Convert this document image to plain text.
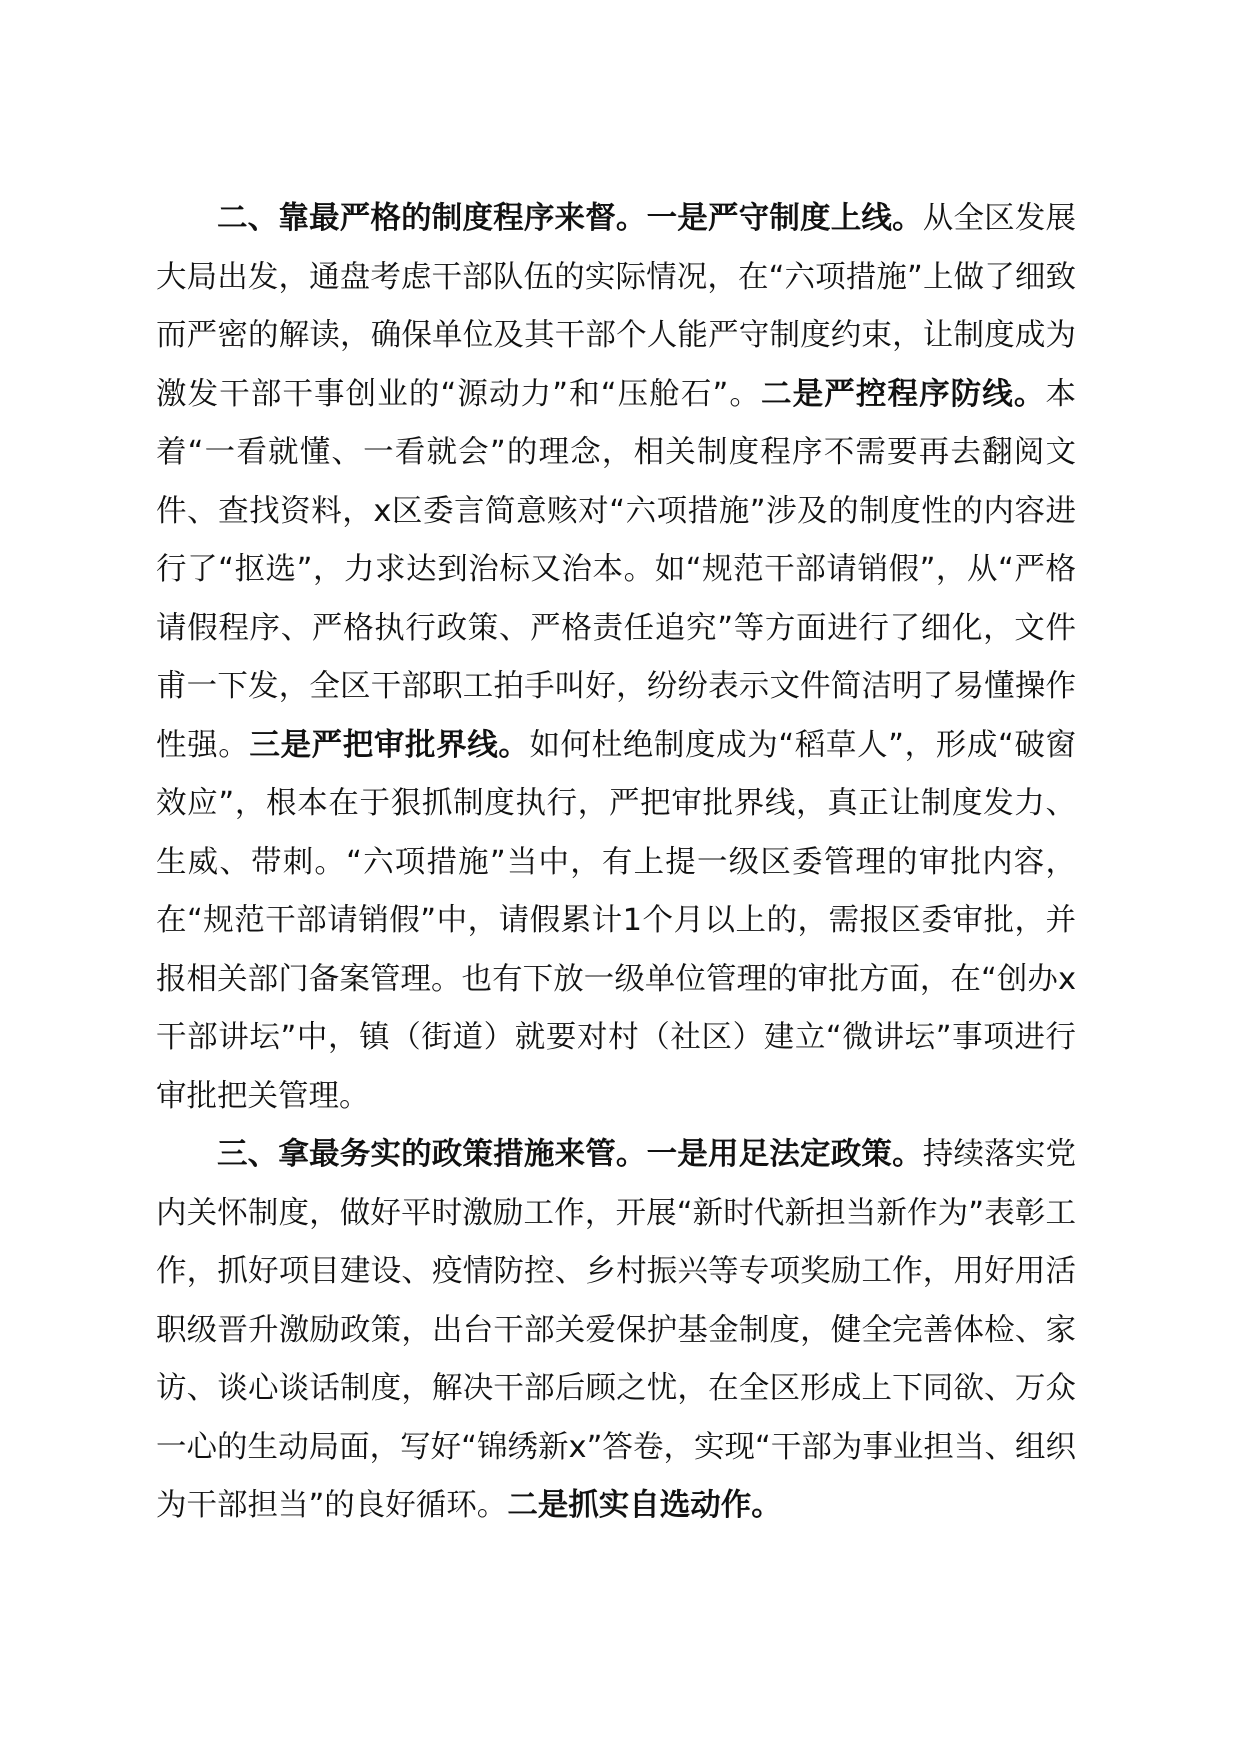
二、靠最严格的制度程序来督。一是严守制度上线。从全区发展大局出发，通盘考虑干部队伍的实际情况，在“六项措施”上做了细致而严密的解读，确保单位及其干部个人能严守制度约束，让制度成为激发干部干事创业的“源动力”和“压舱石”。二是严控程序防线。本着“一看就懂、一看就会”的理念，相关制度程序不需要再去翻阅文件、查找资料，x区委言简意赅对“六项措施”涉及的制度性的内容进行了“抠选”，力求达到治标又治本。如“规范干部请销假”，从“严格请假程序、严格执行政策、严格责任追究”等方面进行了细化，文件甫一下发，全区干部职工拍手叫好，纷纷表示文件简洁明了易懂操作性强。三是严把审批界线。如何杜绝制度成为“稻草人”，形成“破窗效应”，根本在于狠抓制度执行，严把审批界线，真正让制度发力、生威、带刺。“六项措施”当中，有上提一级区委管理的审批内容，在“规范干部请销假”中，请假累计1个月以上的，需报区委审批，并报相关部门备案管理。也有下放一级单位管理的审批方面，在“创办x干部讲坛”中，镇（街道）就要对村（社区）建立“微讲坛”事项进行审批把关管理。

三、拿最务实的政策措施来管。一是用足法定政策。持续落实党内关怀制度，做好平时激励工作，开展“新时代新担当新作为”表彰工作，抓好项目建设、疫情防控、乡村振兴等专项奖励工作，用好用活职级晋升激励政策，出台干部关爱保护基金制度，健全完善体检、家访、谈心谈话制度，解决干部后顾之忧，在全区形成上下同欲、万众一心的生动局面，写好“锦绣新x”答卷，实现“干部为事业担当、组织为干部担当”的良好循环。二是抓实自选动作。
